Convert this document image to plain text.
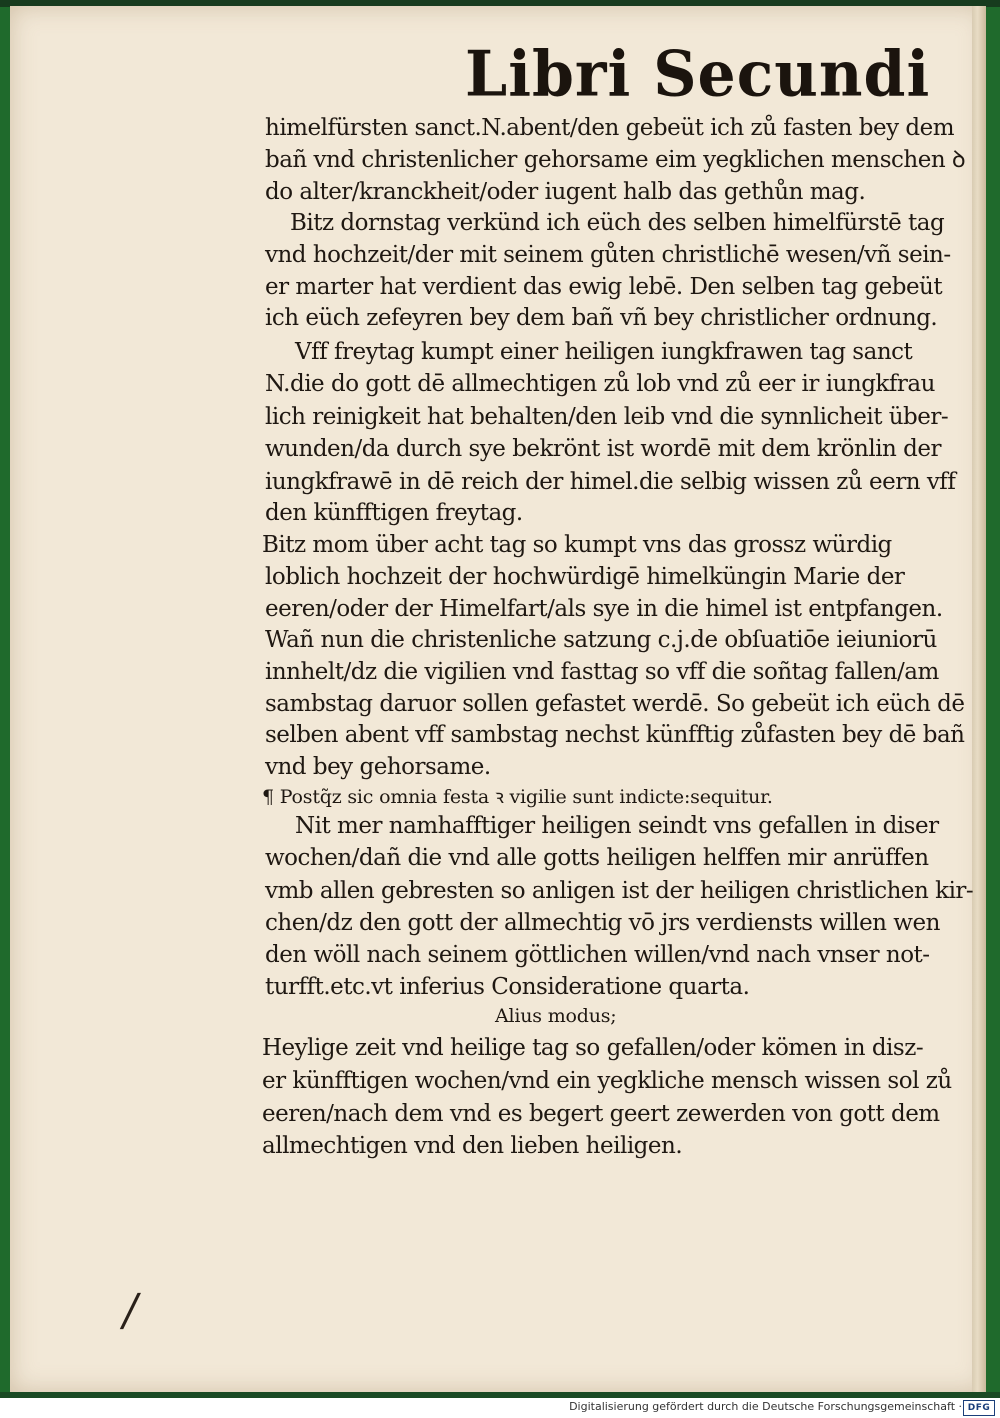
Libri Secundi
himelfürsten sanct.N.abent/den gebeüt ich zů fasten bey dem
bañ vnd christenlicher gehorsame eim yegklichen menschen ꝺ
do alter/kranckheit/oder iugent halb das gethůn mag.
Bitz dornstag verkünd ich eüch des selben himelfürstē tag
vnd hochzeit/der mit seinem gůten christlichē wesen/vñ sein-
er marter hat verdient das ewig lebē. Den selben tag gebeüt
ich eüch zefeyren bey dem bañ vñ bey christlicher ordnung.
Vff freytag kumpt einer heiligen iungkfrawen tag sanct
N.die do gott dē allmechtigen zů lob vnd zů eer ir iungkfrau
lich reinigkeit hat behalten/den leib vnd die synnlicheit über-
wunden/da durch sye bekrönt ist wordē mit dem krönlin der
iungkfrawē in dē reich der himel.die selbig wissen zů eern vff
den künfftigen freytag.
Bitz mom über acht tag so kumpt vns das grossz würdig
loblich hochzeit der hochwürdigē himelküngin Marie der
eeren/oder der Himelfart/als sye in die himel ist entpfangen.
Wañ nun die christenliche satzung c.j.de obſuatiōe ieiuniorū
innhelt/dz die vigilien vnd fasttag so vff die soñtag fallen/am
sambstag daruor sollen gefastet werdē. So gebeüt ich eüch dē
selben abent vff sambstag nechst künfftig zůfasten bey dē bañ
vnd bey gehorsame.
¶ Postq̃z sic omnia festa ꝛ vigilie sunt indicte:sequitur.
Nit mer namhafftiger heiligen seindt vns gefallen in diser
wochen/dañ die vnd alle gotts heiligen helffen mir anrüffen
vmb allen gebresten so anligen ist der heiligen christlichen kir-
chen/dz den gott der allmechtig vō jrs verdiensts willen wen
den wöll nach seinem göttlichen willen/vnd nach vnser not-
turfft.etc.vt inferius Consideratione quarta.
Alius modus;
Heylige zeit vnd heilige tag so gefallen/oder kömen in disz-
er künfftigen wochen/vnd ein yegkliche mensch wissen sol zů
eeren/nach dem vnd es begert geert zewerden von gott dem
allmechtigen vnd den lieben heiligen.
/
Digitalisierung gefördert durch die Deutsche Forschungsgemeinschaft · DFG
